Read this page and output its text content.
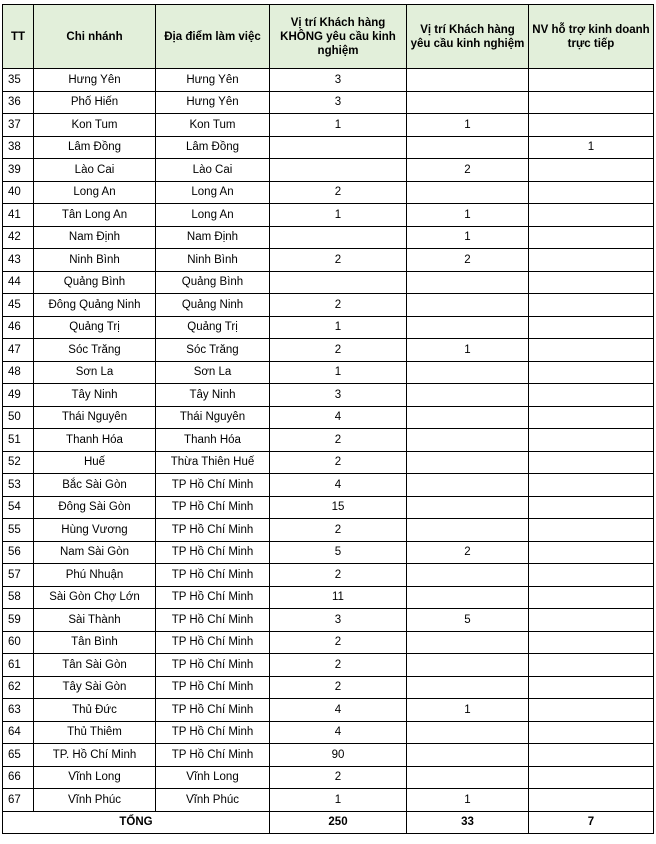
TT	Chi nhánh	Địa điểm làm việc	Vị trí Khách hàng KHÔNG yêu cầu kinh nghiệm	Vị trí Khách hàng yêu cầu kinh nghiệm	NV hỗ trợ kinh doanh trực tiếp
35	Hưng Yên	Hưng Yên	3		
36	Phố Hiến	Hưng Yên	3		
37	Kon Tum	Kon Tum	1	1	
38	Lâm Đồng	Lâm Đồng			1
39	Lào Cai	Lào Cai		2	
40	Long An	Long An	2		
41	Tân Long An	Long An	1	1	
42	Nam Định	Nam Định		1	
43	Ninh Bình	Ninh Bình	2	2	
44	Quảng Bình	Quảng Bình			
45	Đông Quảng Ninh	Quảng Ninh	2		
46	Quảng Trị	Quảng Trị	1		
47	Sóc Trăng	Sóc Trăng	2	1	
48	Sơn La	Sơn La	1		
49	Tây Ninh	Tây Ninh	3		
50	Thái Nguyên	Thái Nguyên	4		
51	Thanh Hóa	Thanh Hóa	2		
52	Huế	Thừa Thiên Huế	2		
53	Bắc Sài Gòn	TP Hồ Chí Minh	4		
54	Đông Sài Gòn	TP Hồ Chí Minh	15		
55	Hùng Vương	TP Hồ Chí Minh	2		
56	Nam Sài Gòn	TP Hồ Chí Minh	5	2	
57	Phú Nhuận	TP Hồ Chí Minh	2		
58	Sài Gòn Chợ Lớn	TP Hồ Chí Minh	11		
59	Sài Thành	TP Hồ Chí Minh	3	5	
60	Tân Bình	TP Hồ Chí Minh	2		
61	Tân Sài Gòn	TP Hồ Chí Minh	2		
62	Tây Sài Gòn	TP Hồ Chí Minh	2		
63	Thủ Đức	TP Hồ Chí Minh	4	1	
64	Thủ Thiêm	TP Hồ Chí Minh	4		
65	TP. Hồ Chí Minh	TP Hồ Chí Minh	90		
66	Vĩnh Long	Vĩnh Long	2		
67	Vĩnh Phúc	Vĩnh Phúc	1	1	
TỔNG			250	33	7
